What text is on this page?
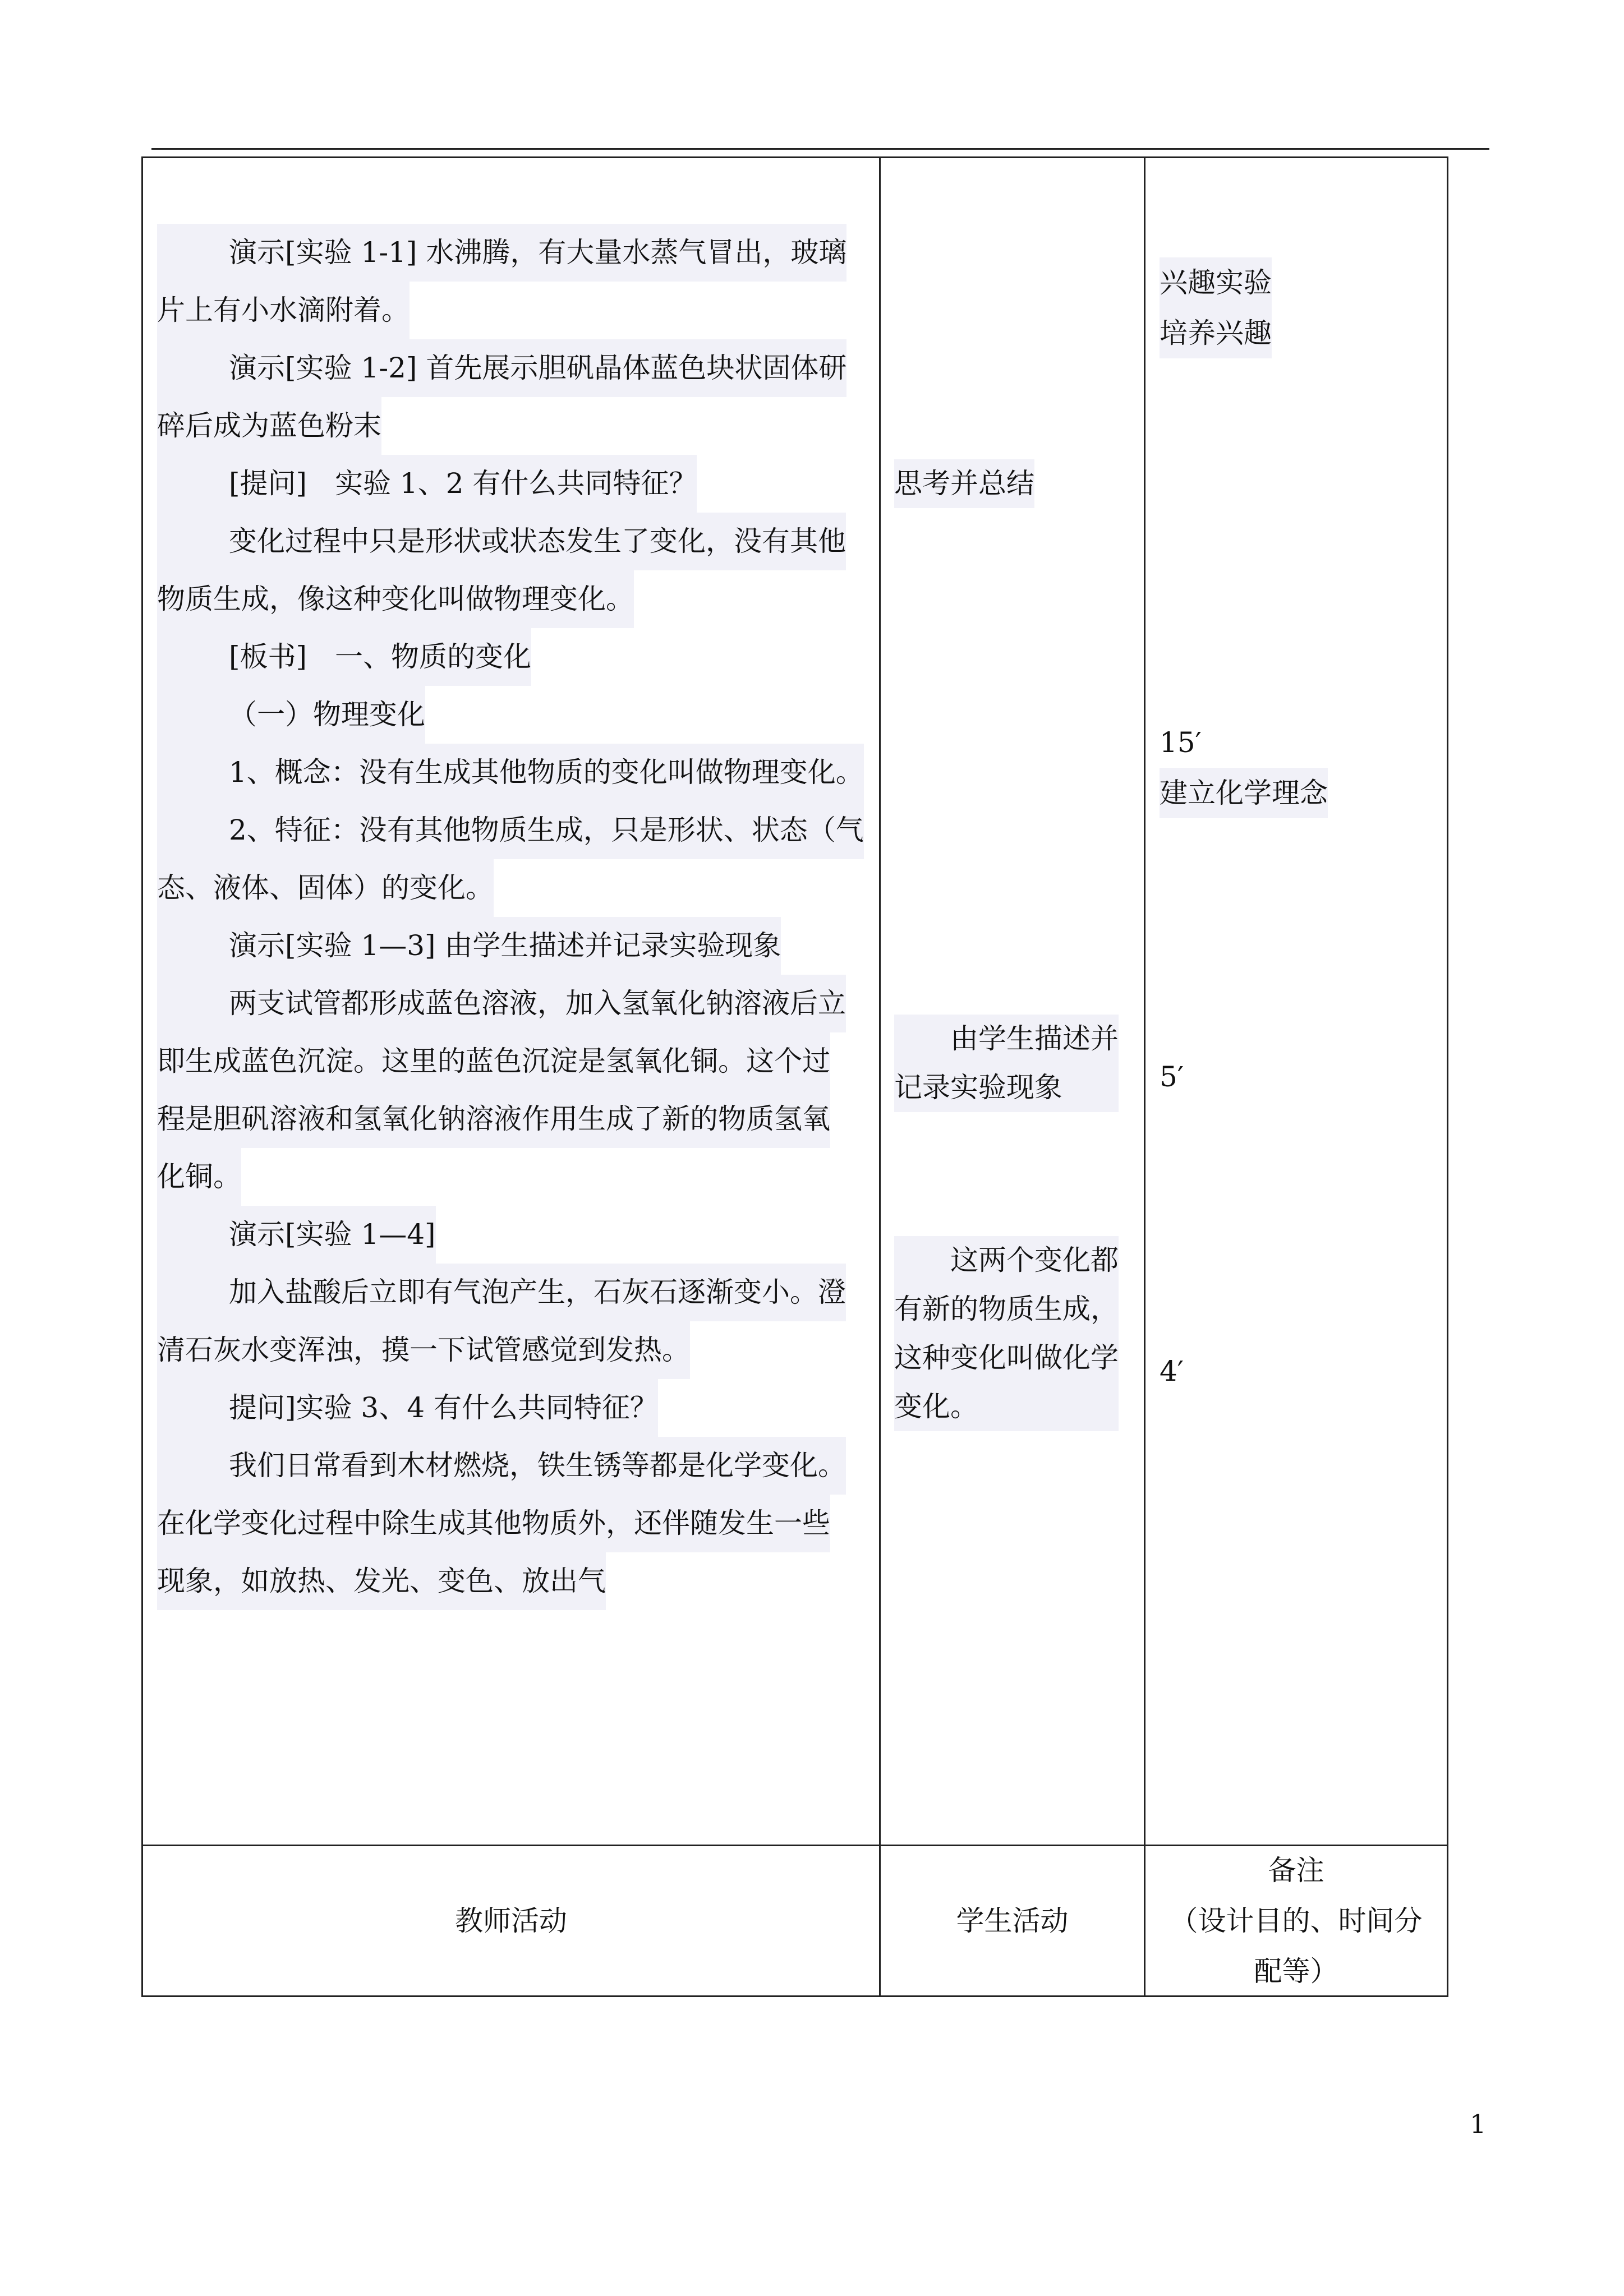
演示[实验 1-1] 水沸腾，有大量水蒸气冒出，玻璃
片上有小水滴附着。
演示[实验 1-2] 首先展示胆矾晶体蓝色块状固体研
碎后成为蓝色粉末
[提问]　实验 1、2 有什么共同特征？
变化过程中只是形状或状态发生了变化，没有其他
物质生成，像这种变化叫做物理变化。
[板书]　一、物质的变化
（一）物理变化
1、概念：没有生成其他物质的变化叫做物理变化。
2、特征：没有其他物质生成，只是形状、状态（气
态、液体、固体）的变化。
演示[实验 1—3] 由学生描述并记录实验现象
两支试管都形成蓝色溶液，加入氢氧化钠溶液后立
即生成蓝色沉淀。这里的蓝色沉淀是氢氧化铜。这个过
程是胆矾溶液和氢氧化钠溶液作用生成了新的物质氢氧
化铜。
演示[实验 1—4]
加入盐酸后立即有气泡产生，石灰石逐渐变小。澄
清石灰水变浑浊，摸一下试管感觉到发热。
提问]实验 3、4 有什么共同特征？
我们日常看到木材燃烧，铁生锈等都是化学变化。
在化学变化过程中除生成其他物质外，还伴随发生一些
现象，如放热、发光、变色、放出气
思考并总结
由学生描述并
记录实验现象
这两个变化都
有新的物质生成，
这种变化叫做化学
变化。
兴趣实验
培养兴趣
15′
建立化学理念
5′
4′
教师活动	学生活动
备注
（设计目的、时间分
配等）
1
